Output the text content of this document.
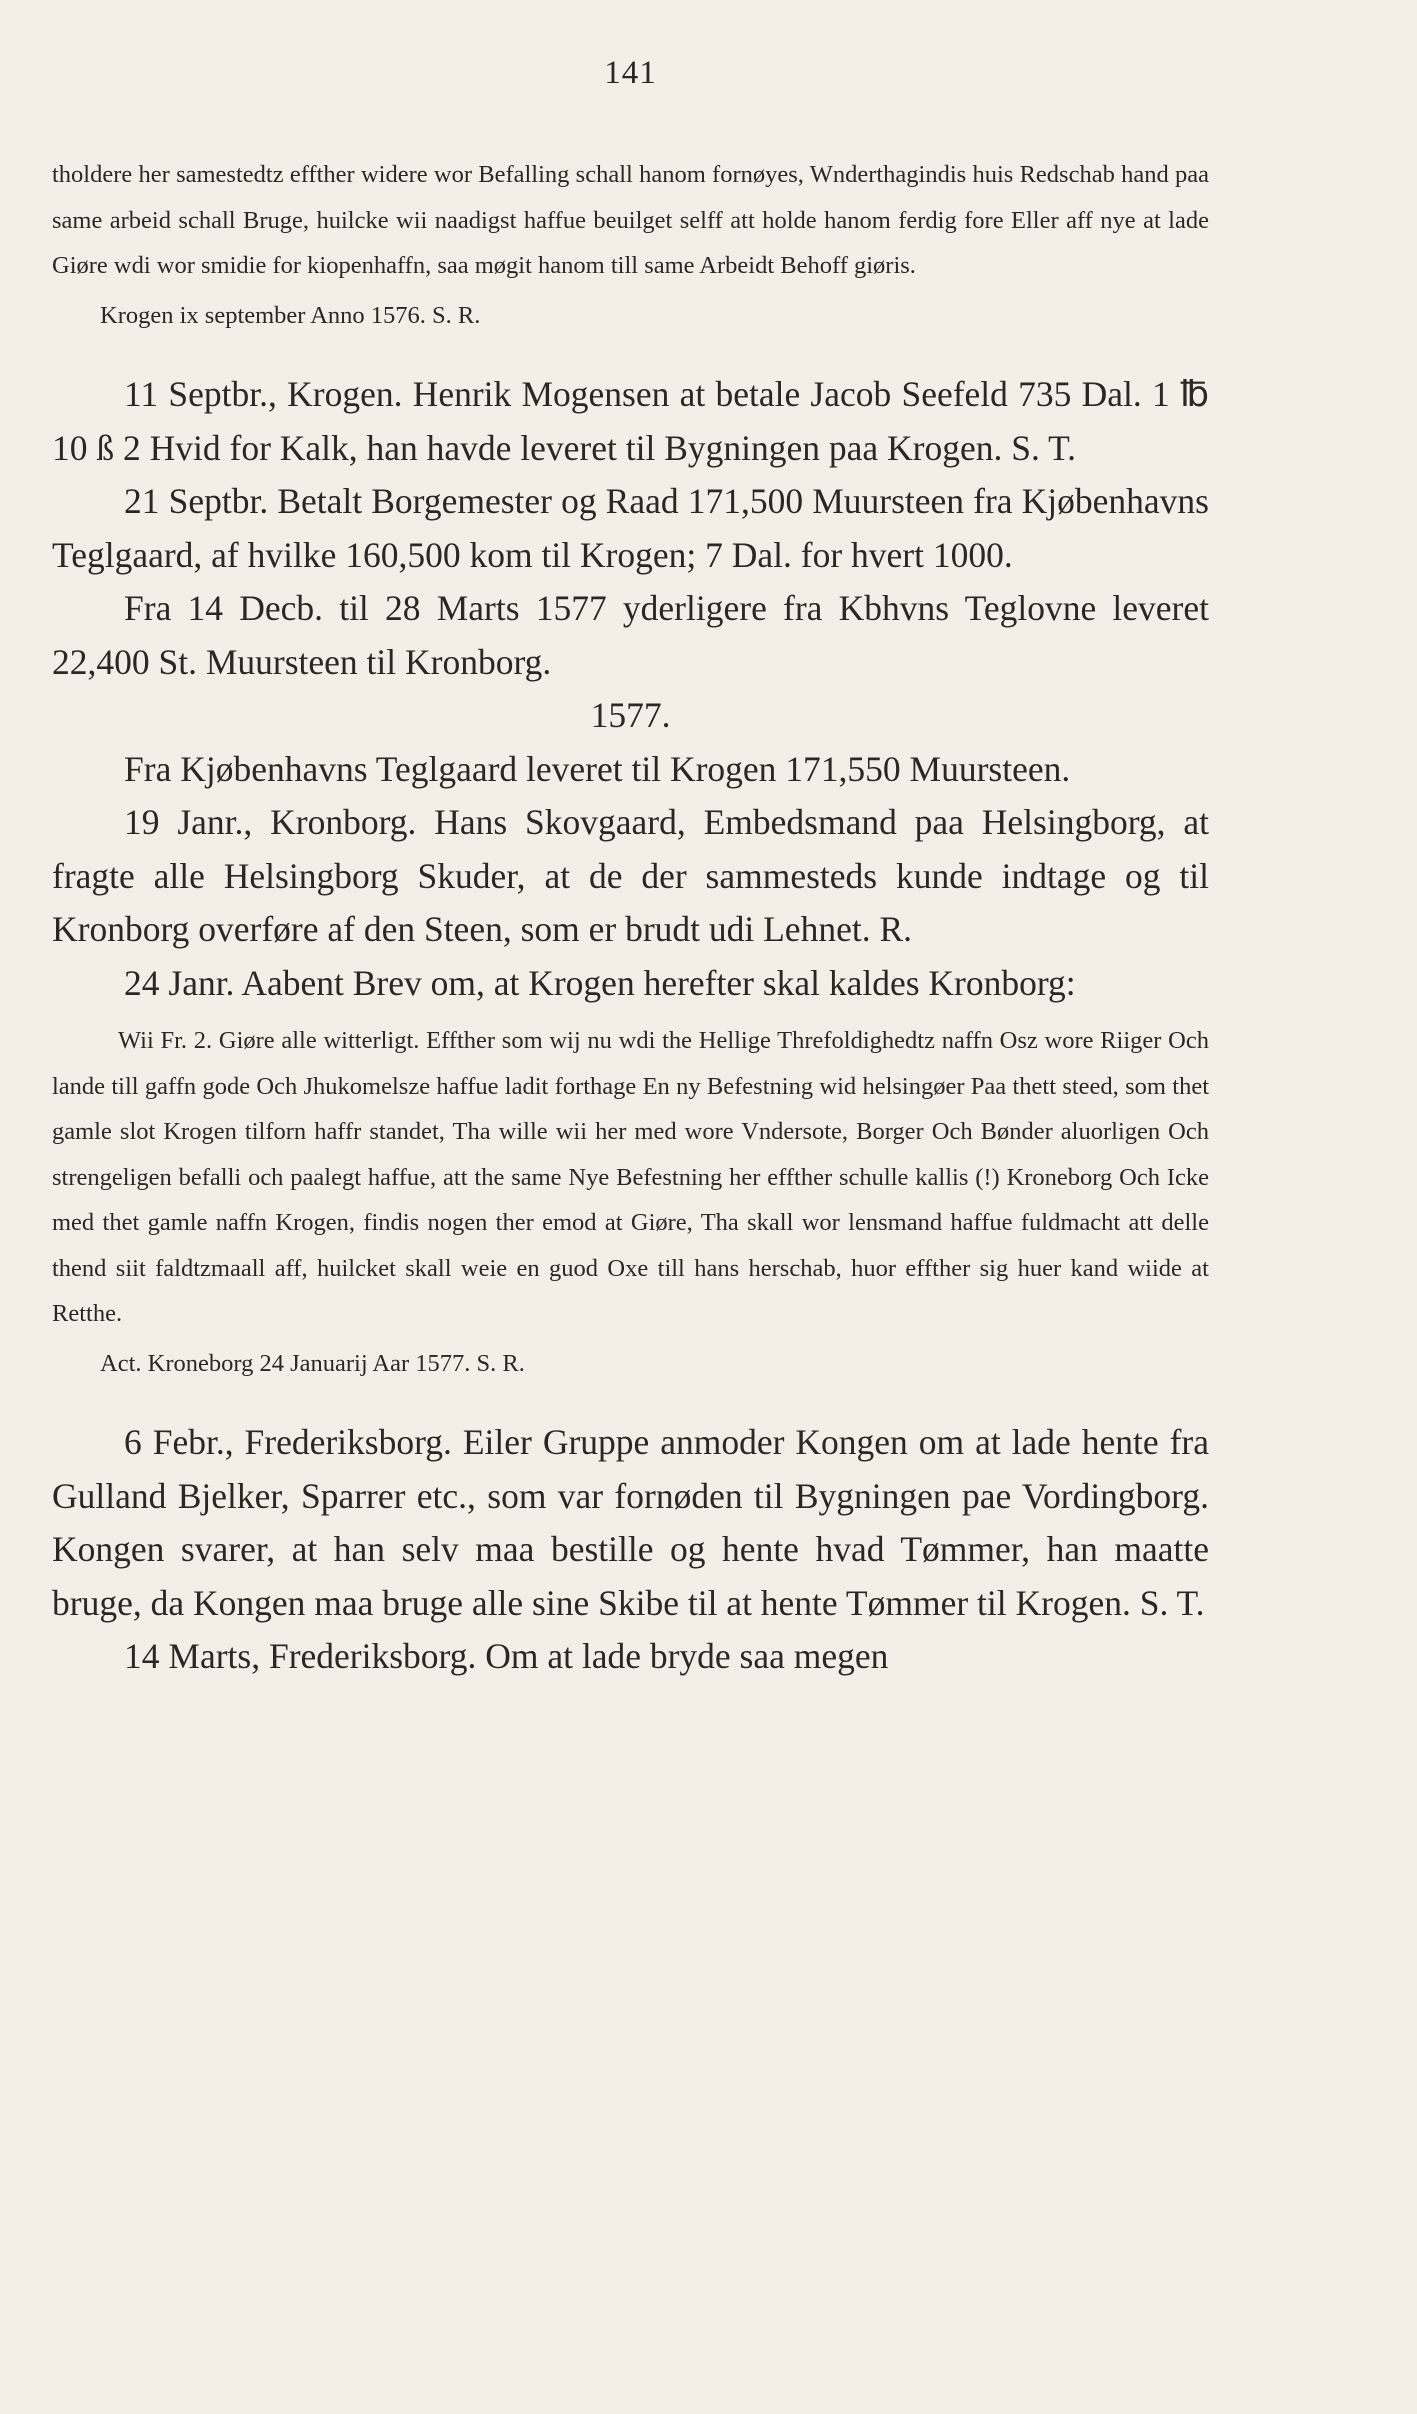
141

tholdere her samestedtz effther widere wor Befalling schall hanom fornøyes, Wnderthagindis huis Redschab hand paa same arbeid schall Bruge, huilcke wii naadigst haffue beuilget selff att holde hanom ferdig fore Eller aff nye at lade Giøre wdi wor smidie for kiopenhaffn, saa møgit hanom till same Arbeidt Behoff giøris.

Krogen ix september Anno 1576. S. R.

11 Septbr., Krogen. Henrik Mogensen at betale Jacob Seefeld 735 Dal. 1 ℔ 10 ß 2 Hvid for Kalk, han havde leveret til Bygningen paa Krogen. S. T.

21 Septbr. Betalt Borgemester og Raad 171,500 Muursteen fra Kjøbenhavns Teglgaard, af hvilke 160,500 kom til Krogen; 7 Dal. for hvert 1000.

Fra 14 Decb. til 28 Marts 1577 yderligere fra Kbhvns Teglovne leveret 22,400 St. Muursteen til Kronborg.

1577.

Fra Kjøbenhavns Teglgaard leveret til Krogen 171,550 Muursteen.

19 Janr., Kronborg. Hans Skovgaard, Embedsmand paa Helsingborg, at fragte alle Helsingborg Skuder, at de der sammesteds kunde indtage og til Kronborg overføre af den Steen, som er brudt udi Lehnet. R.

24 Janr. Aabent Brev om, at Krogen herefter skal kaldes Kronborg:

Wii Fr. 2. Giøre alle witterligt. Effther som wij nu wdi the Hellige Threfoldighedtz naffn Osz wore Riiger Och lande till gaffn gode Och Jhukomelsze haffue ladit forthage En ny Befestning wid helsingøer Paa thett steed, som thet gamle slot Krogen tilforn haffr standet, Tha wille wii her med wore Vndersote, Borger Och Bønder aluorligen Och strengeligen befalli och paalegt haffue, att the same Nye Befestning her effther schulle kallis (!) Kroneborg Och Icke med thet gamle naffn Krogen, findis nogen ther emod at Giøre, Tha skall wor lensmand haffue fuldmacht att delle thend siit faldtzmaall aff, huilcket skall weie en guod Oxe till hans herschab, huor effther sig huer kand wiide at Retthe.

Act. Kroneborg 24 Januarij Aar 1577. S. R.

6 Febr., Frederiksborg. Eiler Gruppe anmoder Kongen om at lade hente fra Gulland Bjelker, Sparrer etc., som var fornøden til Bygningen pae Vordingborg. Kongen svarer, at han selv maa bestille og hente hvad Tømmer, han maatte bruge, da Kongen maa bruge alle sine Skibe til at hente Tømmer til Krogen. S. T.

14 Marts, Frederiksborg. Om at lade bryde saa megen
